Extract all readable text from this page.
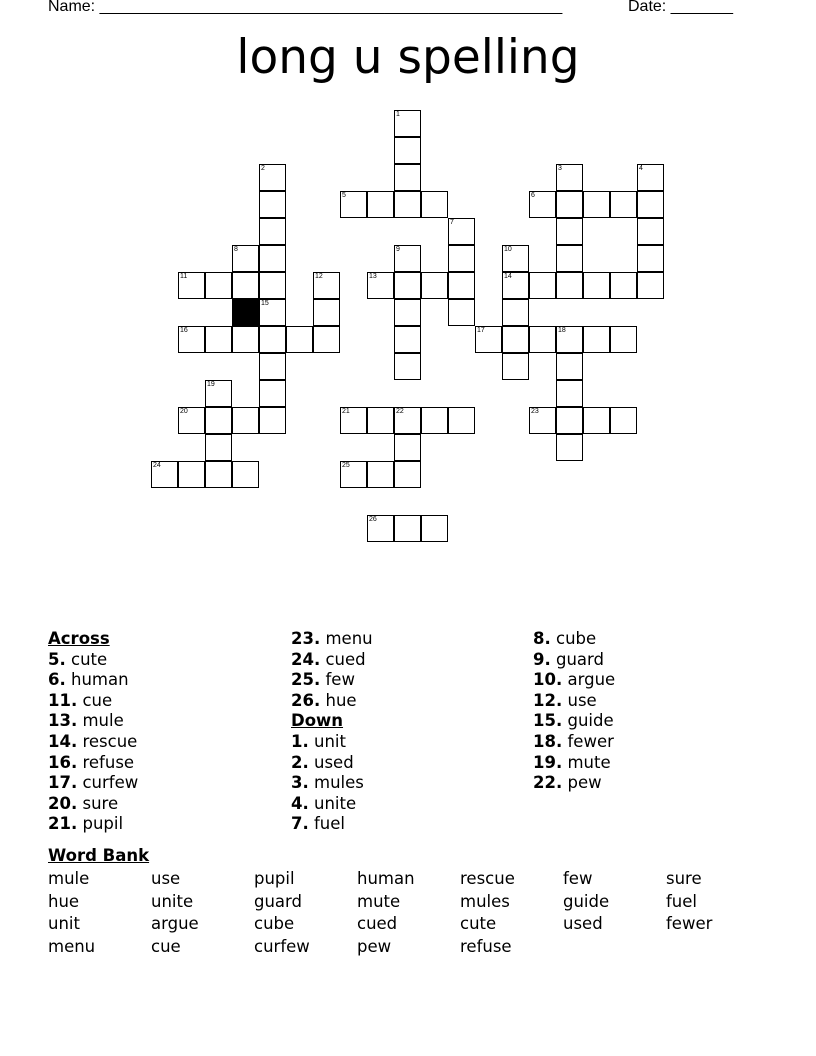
Name: ____________________________________________________	Date: _______
long u spelling
5	6
11	13	14
16	17	18
20	21	22	23
24	25
26
1
2	3	4
7
8	9	10
12
15
19
Across
5. cute
6. human
11. cue
13. mule
14. rescue
16. refuse
17. curfew
20. sure
21. pupil
23. menu
24. cued
25. few
26. hue
Down
1. unit
2. used
3. mules
4. unite
7. fuel
8. cube
9. guard
10. argue
12. use
15. guide
18. fewer
19. mute
22. pew
Word Bank
mule	use	pupil	human	rescue	few	sure
hue	unite	guard	mute	mules	guide	fuel
unit	argue	cube	cued	cute	used	fewer
menu	cue	curfew	pew	refuse
